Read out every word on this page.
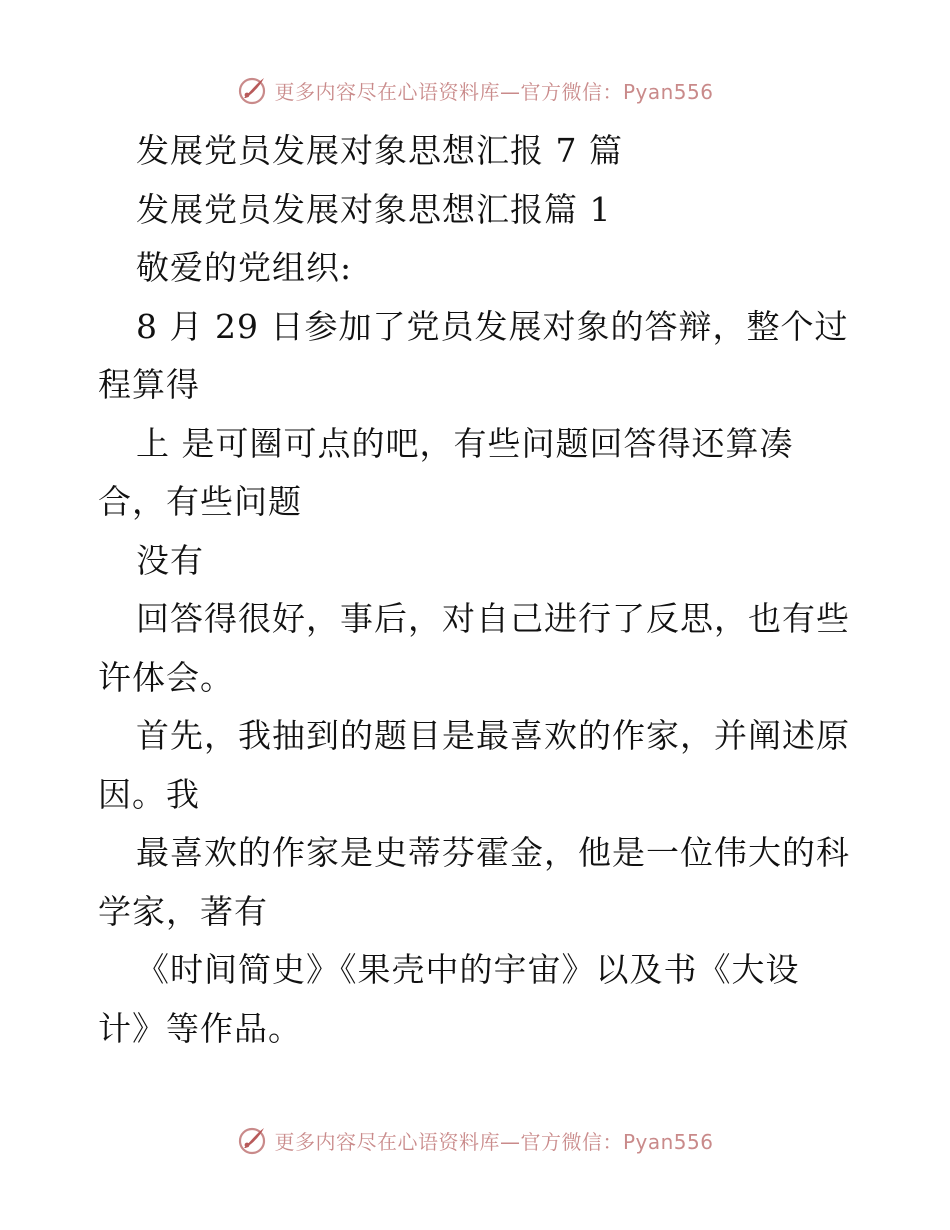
更多内容尽在心语资料库—官方微信：Pyan556
发展党员发展对象思想汇报 7 篇
发展党员发展对象思想汇报篇 1
敬爱的党组织:
8 月 29 日参加了党员发展对象的答辩，整个过
程算得
上 是可圈可点的吧，有些问题回答得还算凑
合，有些问题
没有
回答得很好，事后，对自己进行了反思，也有些
许体会。
首先，我抽到的题目是最喜欢的作家，并阐述原
因。我
最喜欢的作家是史蒂芬霍金，他是一位伟大的科
学家，著有
《时间简史》《果壳中的宇宙》以及书《大设
计》等作品。
更多内容尽在心语资料库—官方微信：Pyan556
